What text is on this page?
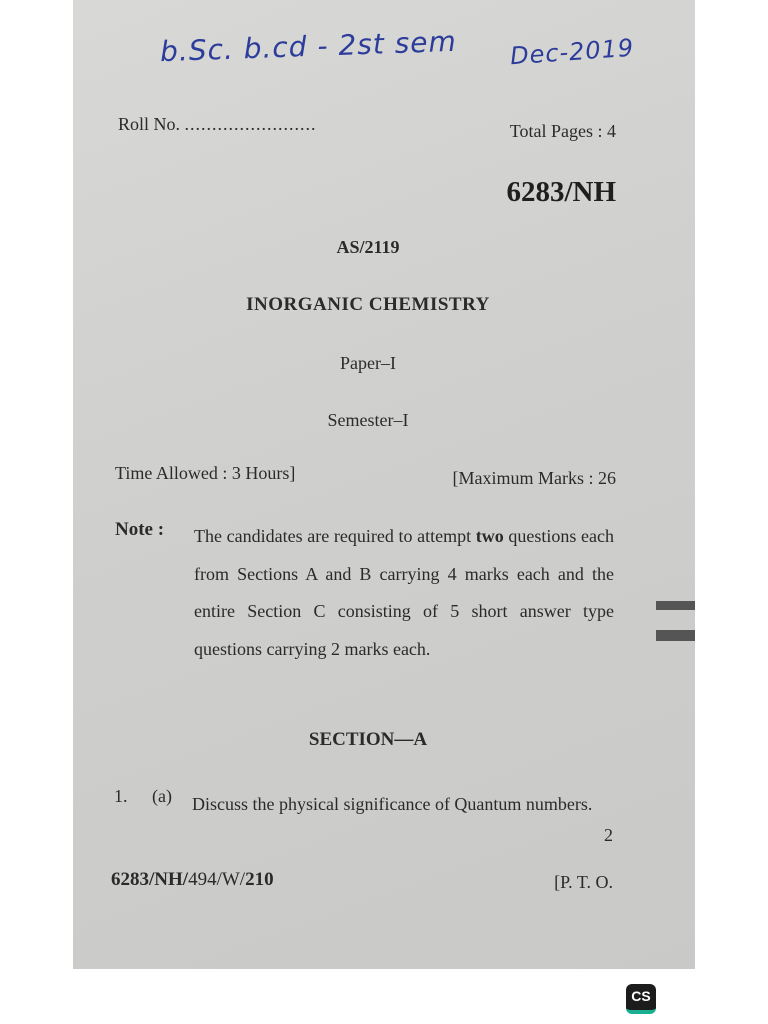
b.Sc. b.cd - 2st sem Dec-2019
Roll No. ........................	Total Pages : 4
6283/NH
AS/2119
INORGANIC CHEMISTRY
Paper–I
Semester–I
Time Allowed : 3 Hours]	[Maximum Marks : 26
Note : The candidates are required to attempt two questions each from Sections A and B carrying 4 marks each and the entire Section C consisting of 5 short answer type questions carrying 2 marks each.
SECTION—A
1. (a) Discuss the physical significance of Quantum numbers.
2
6283/NH/494/W/210	[P. T. O.
CS
